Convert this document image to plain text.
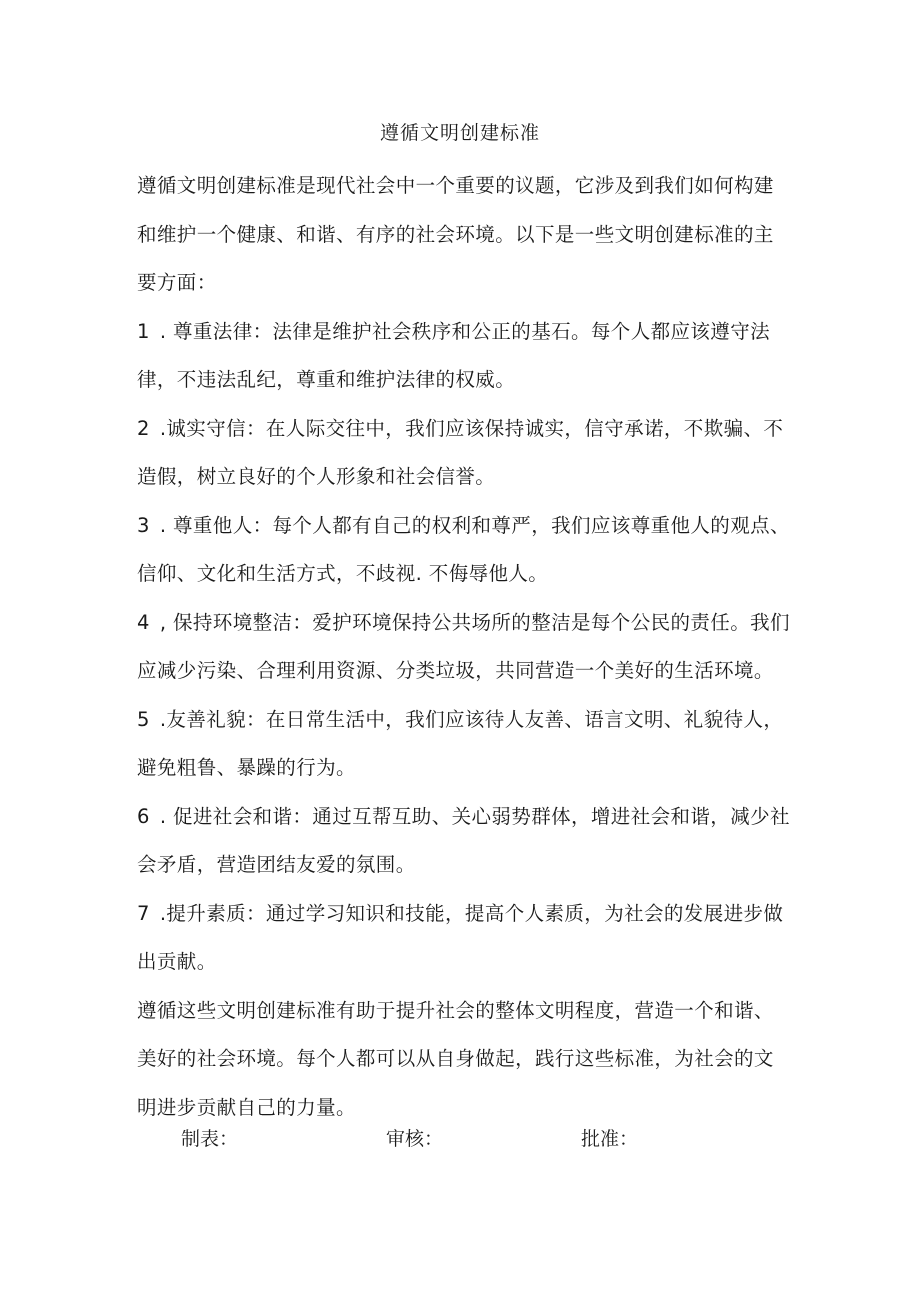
遵循文明创建标准

遵循文明创建标准是现代社会中一个重要的议题，它涉及到我们如何构建和维护一个健康、和谐、有序的社会环境。以下是一些文明创建标准的主要方面：

1 . 尊重法律：法律是维护社会秩序和公正的基石。每个人都应该遵守法律，不违法乱纪，尊重和维护法律的权威。

2 .诚实守信：在人际交往中，我们应该保持诚实，信守承诺，不欺骗、不造假，树立良好的个人形象和社会信誉。

3 . 尊重他人：每个人都有自己的权利和尊严，我们应该尊重他人的观点、信仰、文化和生活方式，不歧视. 不侮辱他人。

4 , 保持环境整洁：爱护环境保持公共场所的整洁是每个公民的责任。我们应减少污染、合理利用资源、分类垃圾，共同营造一个美好的生活环境。

5 .友善礼貌：在日常生活中，我们应该待人友善、语言文明、礼貌待人，避免粗鲁、暴躁的行为。

6 . 促进社会和谐：通过互帮互助、关心弱势群体，增进社会和谐，减少社会矛盾，营造团结友爱的氛围。

7 .提升素质：通过学习知识和技能，提高个人素质，为社会的发展进步做出贡献。

遵循这些文明创建标准有助于提升社会的整体文明程度，营造一个和谐、美好的社会环境。每个人都可以从自身做起，践行这些标准，为社会的文明进步贡献自己的力量。

制表：	审核：	批准：
